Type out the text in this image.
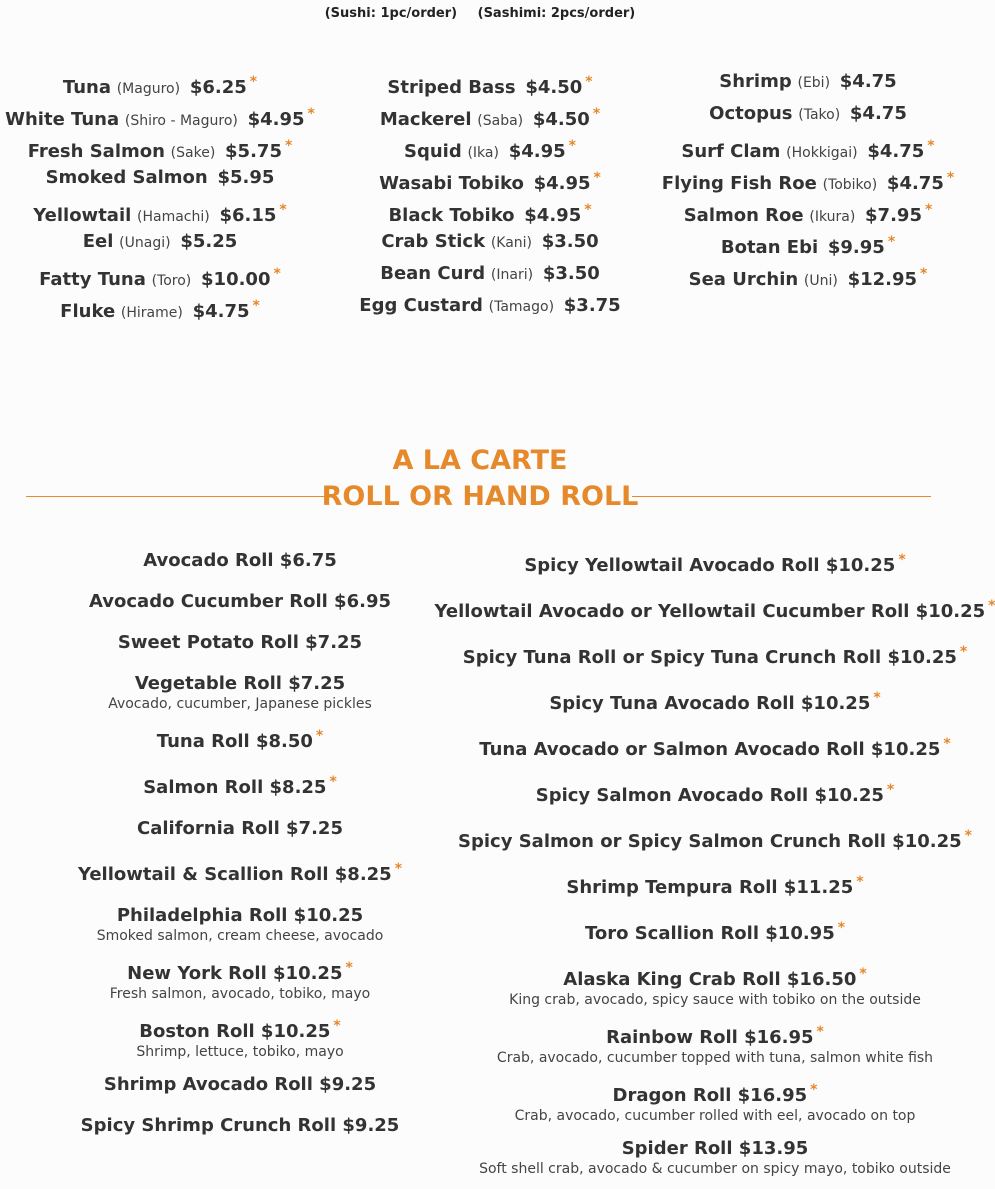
(Sushi: 1pc/order) (Sashimi: 2pcs/order)
Tuna (Maguro) $6.25 *
White Tuna (Shiro - Maguro) $4.95 *
Fresh Salmon (Sake) $5.75 *
Smoked Salmon $5.95
Yellowtail (Hamachi) $6.15 *
Eel (Unagi) $5.25
Fatty Tuna (Toro) $10.00 *
Fluke (Hirame) $4.75 *
Striped Bass $4.50 *
Mackerel (Saba) $4.50 *
Squid (Ika) $4.95 *
Wasabi Tobiko $4.95 *
Black Tobiko $4.95 *
Crab Stick (Kani) $3.50
Bean Curd (Inari) $3.50
Egg Custard (Tamago) $3.75
Shrimp (Ebi) $4.75
Octopus (Tako) $4.75
Surf Clam (Hokkigai) $4.75 *
Flying Fish Roe (Tobiko) $4.75 *
Salmon Roe (Ikura) $7.95 *
Botan Ebi $9.95 *
Sea Urchin (Uni) $12.95 *
A LA CARTE
ROLL OR HAND ROLL
Avocado Roll $6.75
Avocado Cucumber Roll $6.95
Sweet Potato Roll $7.25
Vegetable Roll $7.25
Avocado, cucumber, Japanese pickles
Tuna Roll $8.50 *
Salmon Roll $8.25 *
California Roll $7.25
Yellowtail & Scallion Roll $8.25 *
Philadelphia Roll $10.25
Smoked salmon, cream cheese, avocado
New York Roll $10.25 *
Fresh salmon, avocado, tobiko, mayo
Boston Roll $10.25 *
Shrimp, lettuce, tobiko, mayo
Shrimp Avocado Roll $9.25
Spicy Shrimp Crunch Roll $9.25
Spicy Yellowtail Avocado Roll $10.25 *
Yellowtail Avocado or Yellowtail Cucumber Roll $10.25 *
Spicy Tuna Roll or Spicy Tuna Crunch Roll $10.25 *
Spicy Tuna Avocado Roll $10.25 *
Tuna Avocado or Salmon Avocado Roll $10.25 *
Spicy Salmon Avocado Roll $10.25 *
Spicy Salmon or Spicy Salmon Crunch Roll $10.25 *
Shrimp Tempura Roll $11.25 *
Toro Scallion Roll $10.95 *
Alaska King Crab Roll $16.50 *
King crab, avocado, spicy sauce with tobiko on the outside
Rainbow Roll $16.95 *
Crab, avocado, cucumber topped with tuna, salmon white fish
Dragon Roll $16.95 *
Crab, avocado, cucumber rolled with eel, avocado on top
Spider Roll $13.95
Soft shell crab, avocado & cucumber on spicy mayo, tobiko outside
